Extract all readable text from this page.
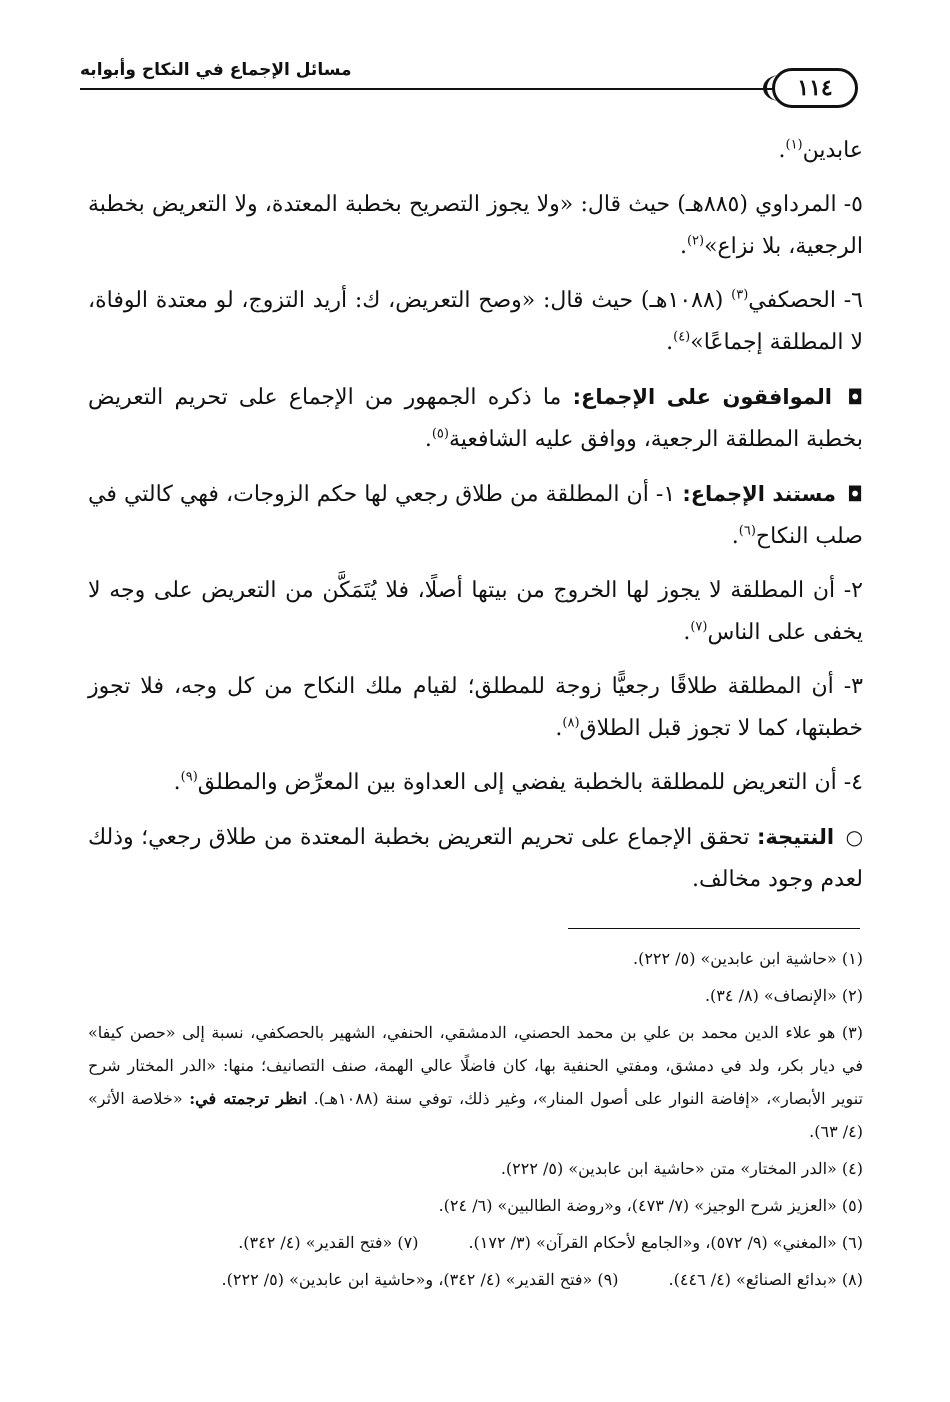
مسائل الإجماع في النكاح وأبوابه
١١٤

عابدين$^{(١)}$.

٥- المرداوي (٨٨٥هـ) حيث قال: «ولا يجوز التصريح بخطبة المعتدة، ولا التعريض بخطبة الرجعية، بلا نزاع»$^{(٢)}$.

٦- الحصكفي$^{(٣)}$ (١٠٨٨هـ) حيث قال: «وصح التعريض، ك: أريد التزوج، لو معتدة الوفاة، لا المطلقة إجماعًا»$^{(٤)}$.

◘ الموافقون على الإجماع: ما ذكره الجمهور من الإجماع على تحريم التعريض بخطبة المطلقة الرجعية، ووافق عليه الشافعية$^{(٥)}$.

◘ مستند الإجماع: ١- أن المطلقة من طلاق رجعي لها حكم الزوجات، فهي كالتي في صلب النكاح$^{(٦)}$.

٢- أن المطلقة لا يجوز لها الخروج من بيتها أصلًا، فلا يُتَمَكَّن من التعريض على وجه لا يخفى على الناس$^{(٧)}$.

٣- أن المطلقة طلاقًا رجعيًّا زوجة للمطلق؛ لقيام ملك النكاح من كل وجه، فلا تجوز خطبتها، كما لا تجوز قبل الطلاق$^{(٨)}$.

٤- أن التعريض للمطلقة بالخطبة يفضي إلى العداوة بين المعرِّض والمطلق$^{(٩)}$.

○ النتيجة: تحقق الإجماع على تحريم التعريض بخطبة المعتدة من طلاق رجعي؛ وذلك لعدم وجود مخالف.

(١) «حاشية ابن عابدين» (٥/ ٢٢٢).

(٢) «الإنصاف» (٨/ ٣٤).

(٣) هو علاء الدين محمد بن علي بن محمد الحصني، الدمشقي، الحنفي، الشهير بالحصكفي، نسبة إلى «حصن كيفا» في ديار بكر، ولد في دمشق، ومفتي الحنفية بها، كان فاضلًا عالي الهمة، صنف التصانيف؛ منها: «الدر المختار شرح تنوير الأبصار»، «إفاضة النوار على أصول المنار»، وغير ذلك، توفي سنة (١٠٨٨هـ). انظر ترجمته في: «خلاصة الأثر» (٤/ ٦٣).

(٤) «الدر المختار» متن «حاشية ابن عابدين» (٥/ ٢٢٢).

(٥) «العزيز شرح الوجيز» (٧/ ٤٧٣)، و«روضة الطالبين» (٦/ ٢٤).

(٦) «المغني» (٩/ ٥٧٢)، و«الجامع لأحكام القرآن» (٣/ ١٧٢).
(٧) «فتح القدير» (٤/ ٣٤٢).
(٨) «بدائع الصنائع» (٤/ ٤٤٦).
(٩) «فتح القدير» (٤/ ٣٤٢)، و«حاشية ابن عابدين» (٥/ ٢٢٢).
